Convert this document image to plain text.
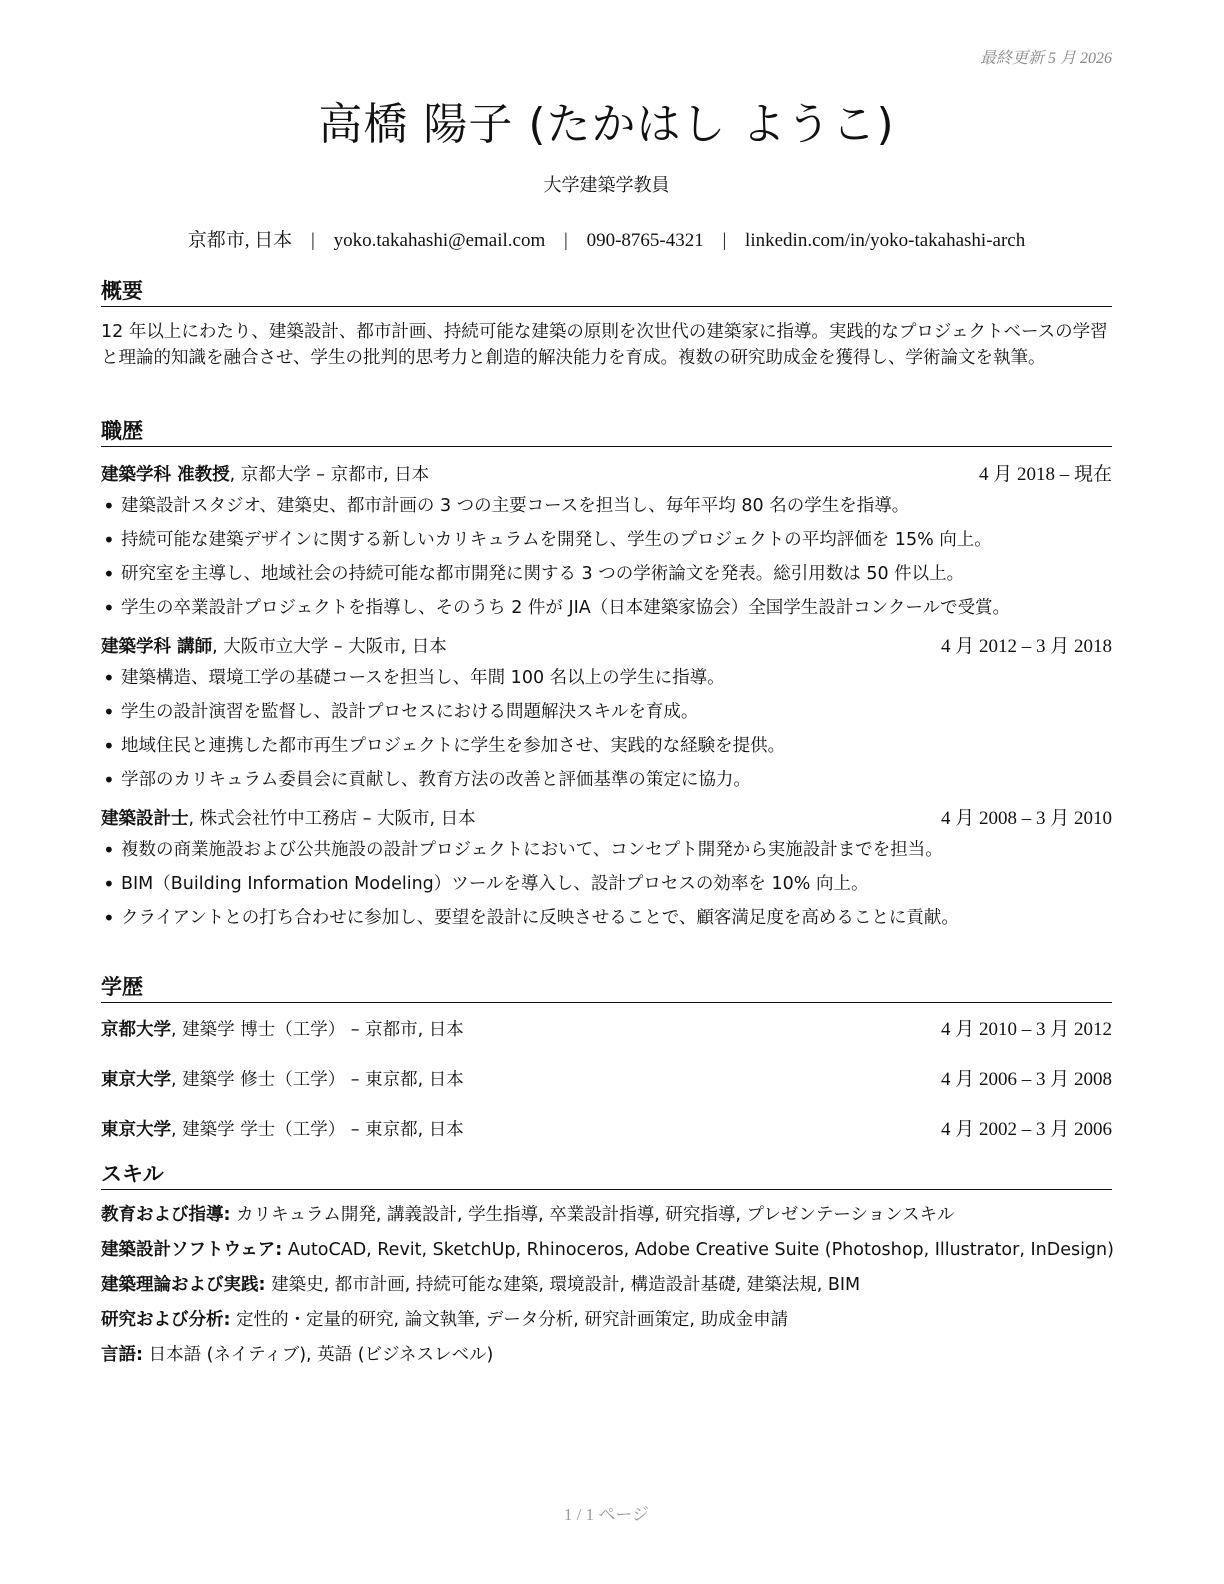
最終更新 5 月 2026
高橋 陽子 (たかはし ようこ)
大学建築学教員
京都市, 日本 | yoko.takahashi@email.com | 090-8765-4321 | linkedin.com/in/yoko-takahashi-arch
概要
12 年以上にわたり、建築設計、都市計画、持続可能な建築の原則を次世代の建築家に指導。実践的なプロジェクトベースの学習と理論的知識を融合させ、学生の批判的思考力と創造的解決能力を育成。複数の研究助成金を獲得し、学術論文を執筆。
職歴
建築学科 准教授, 京都大学 – 京都市, 日本	4 月 2018 – 現在
• 建築設計スタジオ、建築史、都市計画の 3 つの主要コースを担当し、毎年平均 80 名の学生を指導。
• 持続可能な建築デザインに関する新しいカリキュラムを開発し、学生のプロジェクトの平均評価を 15% 向上。
• 研究室を主導し、地域社会の持続可能な都市開発に関する 3 つの学術論文を発表。総引用数は 50 件以上。
• 学生の卒業設計プロジェクトを指導し、そのうち 2 件が JIA（日本建築家協会）全国学生設計コンクールで受賞。
建築学科 講師, 大阪市立大学 – 大阪市, 日本	4 月 2012 – 3 月 2018
• 建築構造、環境工学の基礎コースを担当し、年間 100 名以上の学生に指導。
• 学生の設計演習を監督し、設計プロセスにおける問題解決スキルを育成。
• 地域住民と連携した都市再生プロジェクトに学生を参加させ、実践的な経験を提供。
• 学部のカリキュラム委員会に貢献し、教育方法の改善と評価基準の策定に協力。
建築設計士, 株式会社竹中工務店 – 大阪市, 日本	4 月 2008 – 3 月 2010
• 複数の商業施設および公共施設の設計プロジェクトにおいて、コンセプト開発から実施設計までを担当。
• BIM（Building Information Modeling）ツールを導入し、設計プロセスの効率を 10% 向上。
• クライアントとの打ち合わせに参加し、要望を設計に反映させることで、顧客満足度を高めることに貢献。
学歴
京都大学, 建築学 博士（工学） – 京都市, 日本	4 月 2010 – 3 月 2012
東京大学, 建築学 修士（工学） – 東京都, 日本	4 月 2006 – 3 月 2008
東京大学, 建築学 学士（工学） – 東京都, 日本	4 月 2002 – 3 月 2006
スキル
教育および指導: カリキュラム開発, 講義設計, 学生指導, 卒業設計指導, 研究指導, プレゼンテーションスキル
建築設計ソフトウェア: AutoCAD, Revit, SketchUp, Rhinoceros, Adobe Creative Suite (Photoshop, Illustrator, InDesign)
建築理論および実践: 建築史, 都市計画, 持続可能な建築, 環境設計, 構造設計基礎, 建築法規, BIM
研究および分析: 定性的・定量的研究, 論文執筆, データ分析, 研究計画策定, 助成金申請
言語: 日本語 (ネイティブ), 英語 (ビジネスレベル)
1 / 1 ページ
